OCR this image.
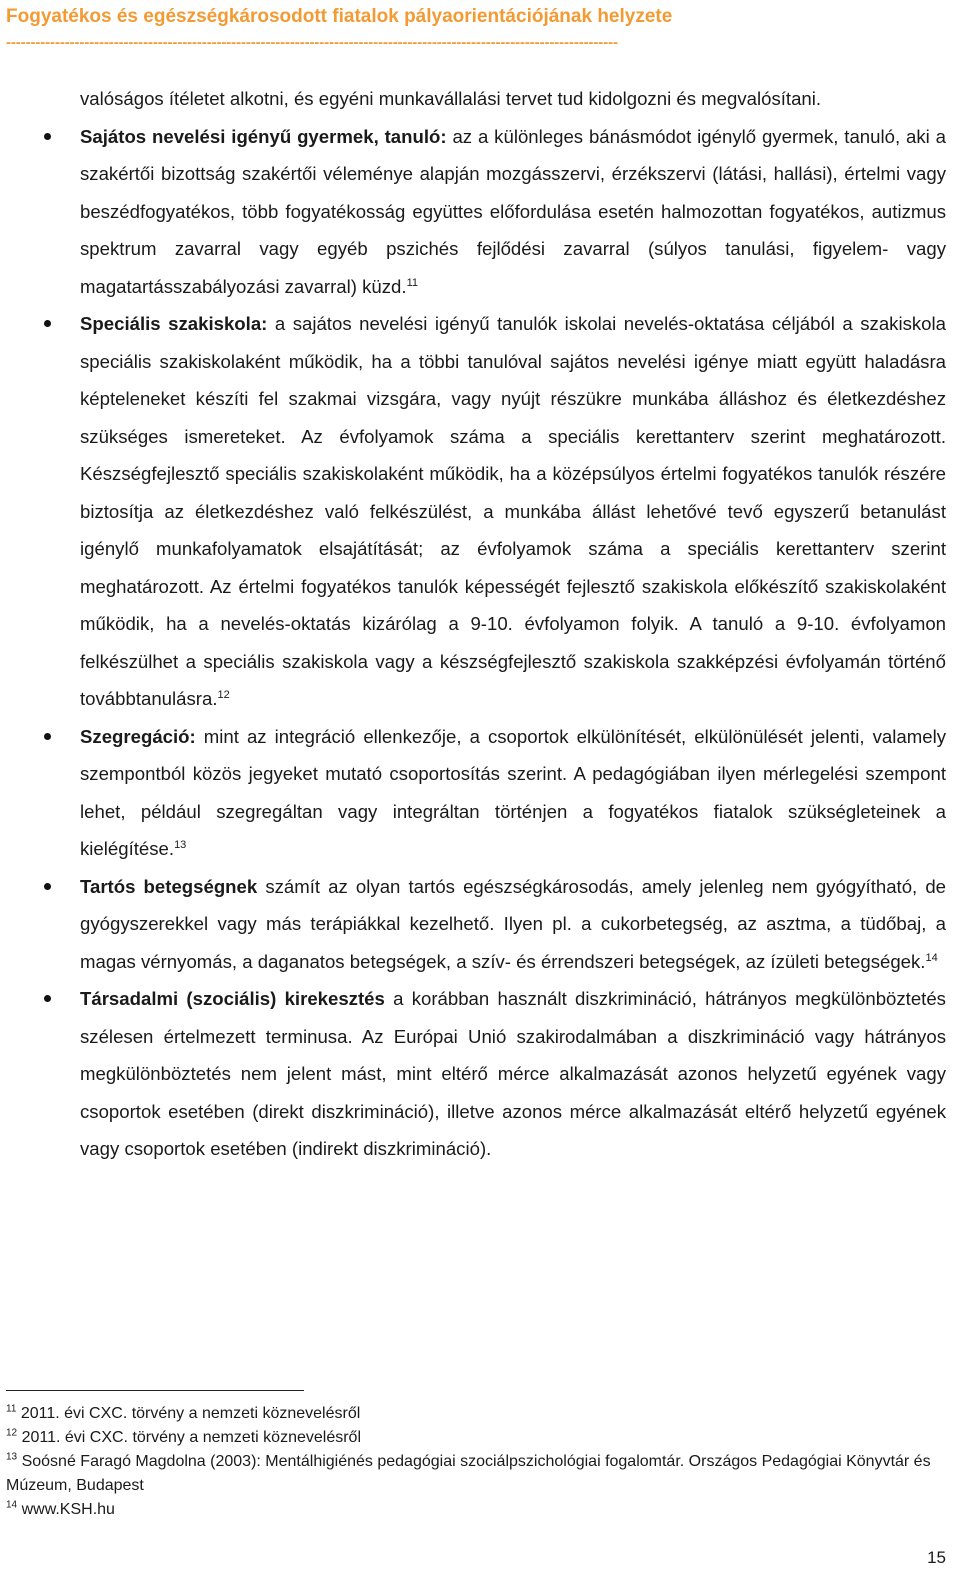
Fogyatékos és egészségkárosodott fiatalok pályaorientációjának helyzete
-----------------------------------------------------------------------------------------------------------------------------

valóságos ítéletet alkotni, és egyéni munkavállalási tervet tud kidolgozni és megvalósítani.

Sajátos nevelési igényű gyermek, tanuló: az a különleges bánásmódot igénylő gyermek, tanuló, aki a szakértői bizottság szakértői véleménye alapján mozgásszervi, érzékszervi (látási, hallási), értelmi vagy beszédfogyatékos, több fogyatékosság együttes előfordulása esetén halmozottan fogyatékos, autizmus spektrum zavarral vagy egyéb pszichés fejlődési zavarral (súlyos tanulási, figyelem- vagy magatartásszabályozási zavarral) küzd.$^{11}$
Speciális szakiskola: a sajátos nevelési igényű tanulók iskolai nevelés-oktatása céljából a szakiskola speciális szakiskolaként működik, ha a többi tanulóval sajátos nevelési igénye miatt együtt haladásra képteleneket készíti fel szakmai vizsgára, vagy nyújt részükre munkába álláshoz és életkezdéshez szükséges ismereteket. Az évfolyamok száma a speciális kerettanterv szerint meghatározott. Készségfejlesztő speciális szakiskolaként működik, ha a középsúlyos értelmi fogyatékos tanulók részére biztosítja az életkezdéshez való felkészülést, a munkába állást lehetővé tevő egyszerű betanulást igénylő munkafolyamatok elsajátítását; az évfolyamok száma a speciális kerettanterv szerint meghatározott. Az értelmi fogyatékos tanulók képességét fejlesztő szakiskola előkészítő szakiskolaként működik, ha a nevelés-oktatás kizárólag a 9-10. évfolyamon folyik. A tanuló a 9-10. évfolyamon felkészülhet a speciális szakiskola vagy a készségfejlesztő szakiskola szakképzési évfolyamán történő továbbtanulásra.$^{12}$
Szegregáció: mint az integráció ellenkezője, a csoportok elkülönítését, elkülönülését jelenti, valamely szempontból közös jegyeket mutató csoportosítás szerint. A pedagógiában ilyen mérlegelési szempont lehet, például szegregáltan vagy integráltan történjen a fogyatékos fiatalok szükségleteinek a kielégítése.$^{13}$
Tartós betegségnek számít az olyan tartós egészségkárosodás, amely jelenleg nem gyógyítható, de gyógyszerekkel vagy más terápiákkal kezelhető. Ilyen pl. a cukorbetegség, az asztma, a tüdőbaj, a magas vérnyomás, a daganatos betegségek, a szív- és érrendszeri betegségek, az ízületi betegségek.$^{14}$
Társadalmi (szociális) kirekesztés a korábban használt diszkrimináció, hátrányos megkülönböztetés szélesen értelmezett terminusa. Az Európai Unió szakirodalmában a diszkrimináció vagy hátrányos megkülönböztetés nem jelent mást, mint eltérő mérce alkalmazását azonos helyzetű egyének vagy csoportok esetében (direkt diszkrimináció), illetve azonos mérce alkalmazását eltérő helyzetű egyének vagy csoportok esetében (indirekt diszkrimináció).

$^{11}$ 2011. évi CXC. törvény a nemzeti köznevelésről

$^{12}$ 2011. évi CXC. törvény a nemzeti köznevelésről

$^{13}$ Soósné Faragó Magdolna (2003): Mentálhigiénés pedagógiai szociálpszichológiai fogalomtár. Országos Pedagógiai Könyvtár és Múzeum, Budapest

$^{14}$ www.KSH.hu

15
